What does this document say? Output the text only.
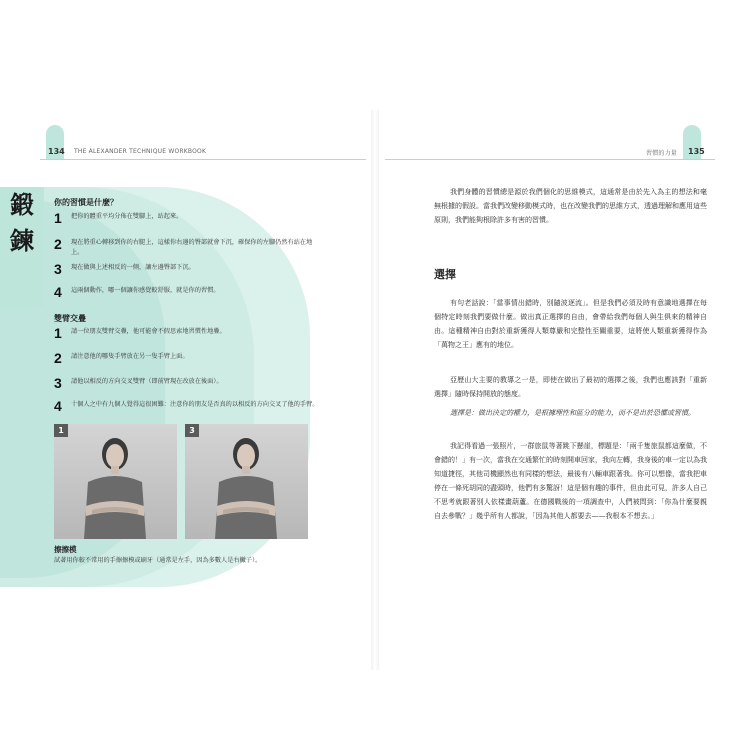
134 THE ALEXANDER TECHNIQUE WORKBOOK
鍛
鍊
你的習慣是什麼？
1 把你的體重平均分佈在雙腳上，站起來。
2 現在將重心轉移到你的右腿上，這樣你右邊的臀部就會下沉，確保你的左腳仍然有站在地上。
3 現在做與上述相反的一側，讓左邊臀部下沉。
4 這兩個動作，哪一個讓你感覺較舒服，就是你的習慣。
雙臂交疊
1 請一位朋友雙臂交疊，他可能會不假思索地習慣性地疊。
2 請注意他的哪隻手臂放在另一隻手臂上面。
3 請他以相反的方向交叉雙臂（即前臂現在改放在後面）。
4 十個人之中有九個人覺得這很困難：注意你的朋友是否真的以相反的方向交叉了他的手臂。
1	3
擦擦模
試著用你較不常用的手擦擦模或刷牙（通常是左手，因為多數人是右撇子）。
習慣的力量 135

我們身體的習慣總是源於我們個化的思維模式，這通常是由於先入為主的想法和毫無根據的假設。當我們改變移動模式時，也在改變我們的思維方式，透過理解和應用這些原則，我們能夠根除許多有害的習慣。

選擇

有句老話說：「當事情出錯時，別隨波逐流」。但是我們必須及時有意識地選擇在每個特定時刻我們要做什麼。做出真正選擇的自由，會帶給我們每個人與生俱來的精神自由。這種精神自由對於重新獲得人類尊嚴和完整性至關重要，這將使人類重新獲得作為「萬物之王」應有的地位。

亞歷山大主要的教導之一是，即使在做出了最初的選擇之後，我們也應該對「重新選擇」隨時保持開放的態度。

選擇是：做出決定的權力，是根據理性和區分的能力，而不是出於恐懼或習慣。

我記得看過一張照片，一群旅鼠等著跳下懸崖，標題是：「兩千隻旅鼠都這麼做，不會錯的！」有一次，當我在交通繁忙的時刻開車回家，我向左轉，我身後的車一定以為我知道捷徑，其他司機顯然也有同樣的想法，最後有八輛車跟著我。你可以想像，當我把車停在一條死胡同的盡頭時，他們有多驚訝！這是個有趣的事件，但由此可見，許多人自己不思考就跟著別人依樣畫葫蘆。在德國戰後的一項調查中，人們被問到：「你為什麼要親自去參戰？」幾乎所有人都說，「因為其他人都要去——我根本不想去。」
